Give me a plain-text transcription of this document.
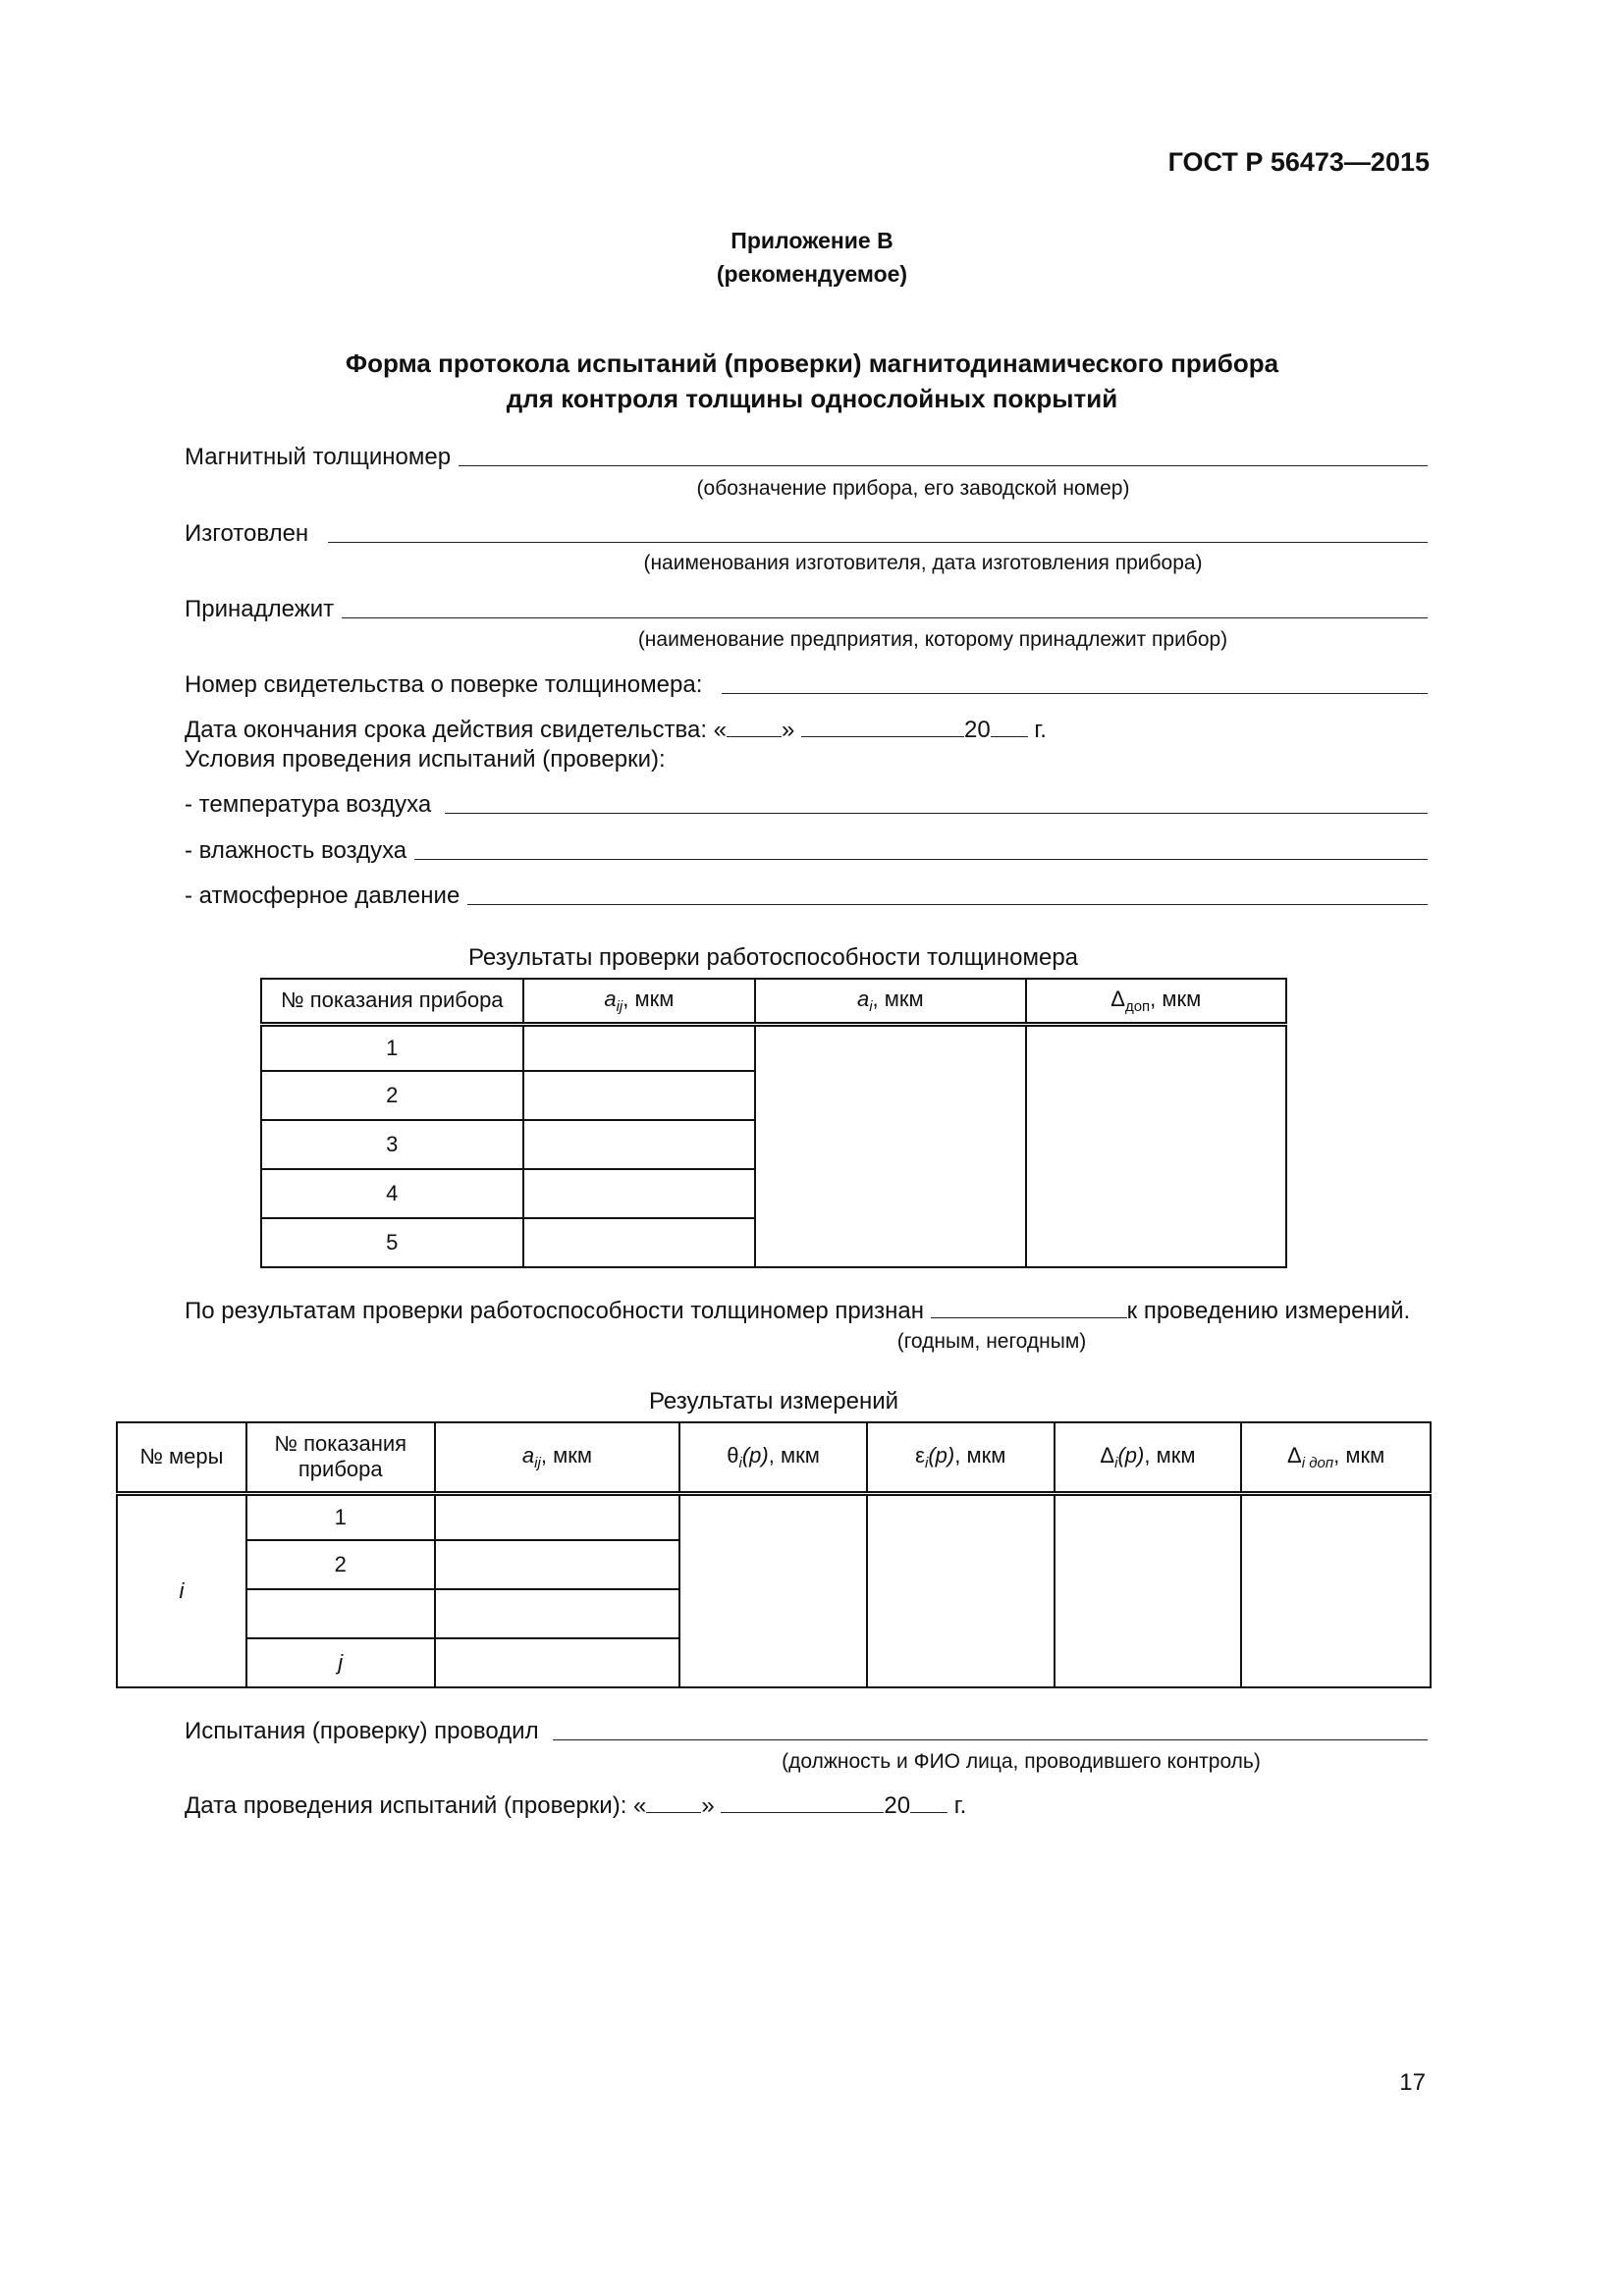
ГОСТ Р 56473—2015
Приложение В
(рекомендуемое)
Форма протокола испытаний (проверки) магнитодинамического прибора
для контроля толщины однослойных покрытий
Магнитный толщиномер
(обозначение прибора, его заводской номер)
Изготовлен
(наименования изготовителя, дата изготовления прибора)
Принадлежит
(наименование предприятия, которому принадлежит прибор)
Номер свидетельства о поверке толщиномера:
Дата окончания срока действия свидетельства: « »	20 г.
Условия проведения испытаний (проверки):
- температура воздуха
- влажность воздуха
- атмосферное давление
Результаты проверки работоспособности толщиномера
№ показания прибора	$a_{ij}$, мкм	$a_i$, мкм	$\Delta_{доп}$, мкм
1			
2			
3			
4			
5			
По результатам проверки работоспособности толщиномер признан	к проведению измерений.
(годным, негодным)
Результаты измерений
№ меры	№ показания прибора	$a_{ij}$, мкм	$\theta_i(p)$, мкм	$\varepsilon_i(p)$, мкм	$\Delta_i(p)$, мкм	$\Delta_{i доп}$, мкм
i	1					
	2					

	j					
Испытания (проверку) проводил
(должность и ФИО лица, проводившего контроль)
Дата проведения испытаний (проверки): « »	20 г.
17
